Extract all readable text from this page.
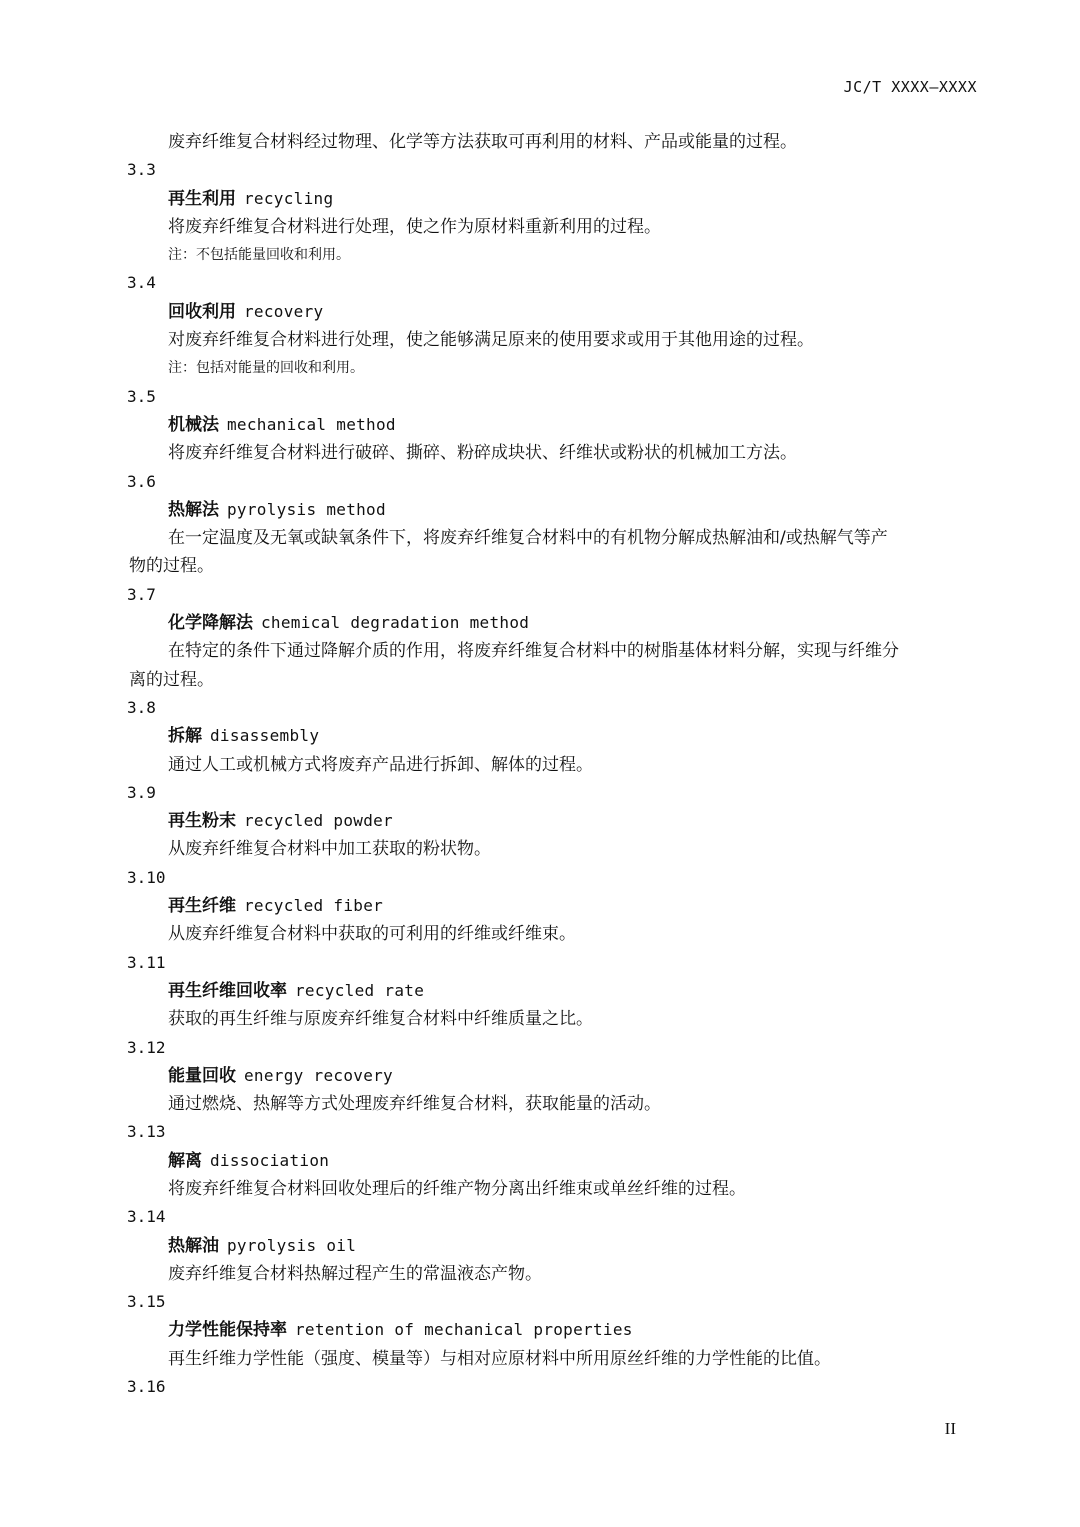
JC/T XXXX—XXXX
废弃纤维复合材料经过物理、化学等方法获取可再利用的材料、产品或能量的过程。
3.3
再生利用 recycling
将废弃纤维复合材料进行处理，使之作为原材料重新利用的过程。
注：不包括能量回收和利用。
3.4
回收利用 recovery
对废弃纤维复合材料进行处理，使之能够满足原来的使用要求或用于其他用途的过程。
注：包括对能量的回收和利用。
3.5
机械法 mechanical method
将废弃纤维复合材料进行破碎、撕碎、粉碎成块状、纤维状或粉状的机械加工方法。
3.6
热解法 pyrolysis method
在一定温度及无氧或缺氧条件下，将废弃纤维复合材料中的有机物分解成热解油和/或热解气等产
物的过程。
3.7
化学降解法 chemical degradation method
在特定的条件下通过降解介质的作用，将废弃纤维复合材料中的树脂基体材料分解，实现与纤维分
离的过程。
3.8
拆解 disassembly
通过人工或机械方式将废弃产品进行拆卸、解体的过程。
3.9
再生粉末 recycled powder
从废弃纤维复合材料中加工获取的粉状物。
3.10
再生纤维 recycled fiber
从废弃纤维复合材料中获取的可利用的纤维或纤维束。
3.11
再生纤维回收率 recycled rate
获取的再生纤维与原废弃纤维复合材料中纤维质量之比。
3.12
能量回收 energy recovery
通过燃烧、热解等方式处理废弃纤维复合材料，获取能量的活动。
3.13
解离 dissociation
将废弃纤维复合材料回收处理后的纤维产物分离出纤维束或单丝纤维的过程。
3.14
热解油 pyrolysis oil
废弃纤维复合材料热解过程产生的常温液态产物。
3.15
力学性能保持率 retention of mechanical properties
再生纤维力学性能（强度、模量等）与相对应原材料中所用原丝纤维的力学性能的比值。
3.16
II
